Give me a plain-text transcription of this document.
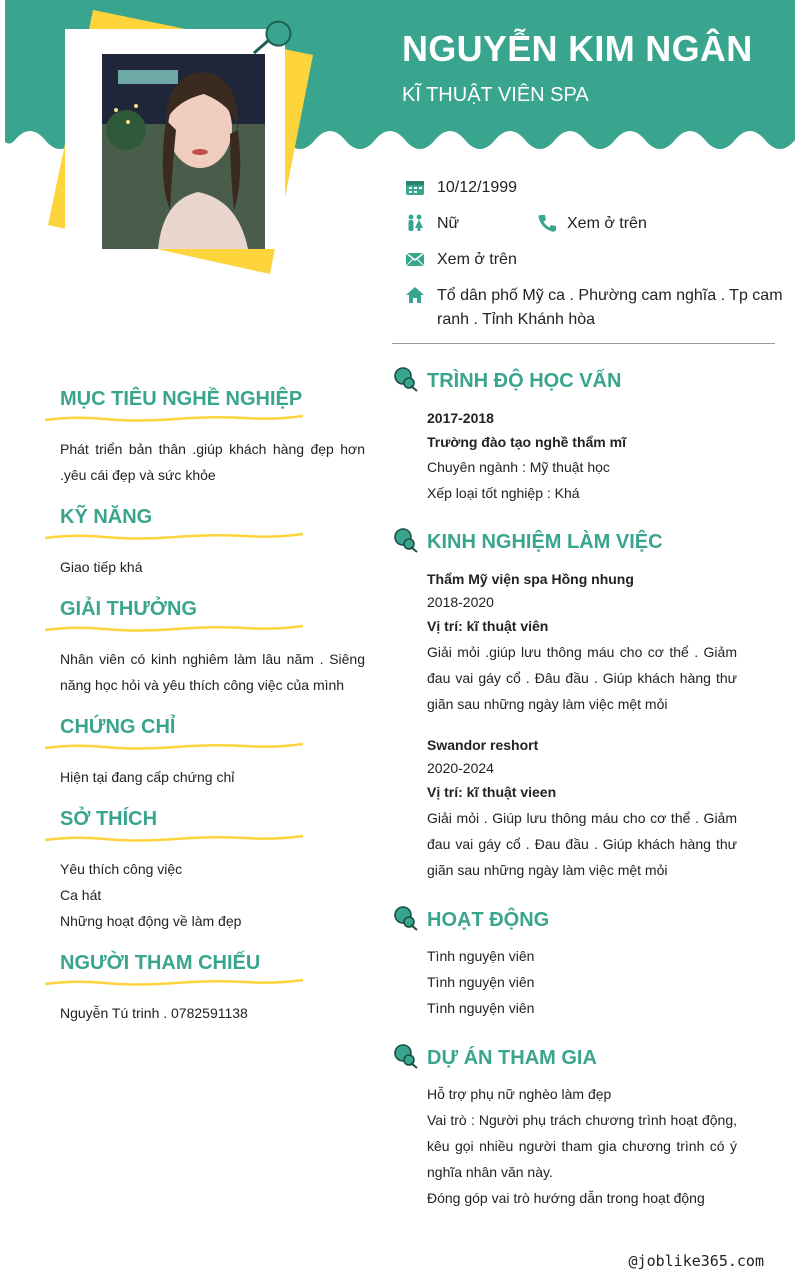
NGUYỄN KIM NGÂN
KĨ THUẬT VIÊN SPA
10/12/1999
Nữ	Xem ở trên
Xem ở trên
Tổ dân phố Mỹ ca . Phường cam nghĩa . Tp cam
ranh . Tỉnh Khánh hòa
MỤC TIÊU NGHỀ NGHIỆP
Phát triển bản thân .giúp khách hàng đẹp hơn .yêu cái đẹp và sức khỏe
KỸ NĂNG
Giao tiếp khá
GIẢI THƯỞNG
Nhân viên có kinh nghiêm làm lâu năm . Siêng năng học hỏi và yêu thích công việc của mình
CHỨNG CHỈ
Hiện tại đang cấp chứng chỉ
SỞ THÍCH
Yêu thích công việc
Ca hát
Những hoạt động về làm đẹp
NGƯỜI THAM CHIẾU
Nguyễn Tú trinh . 0782591138
TRÌNH ĐỘ HỌC VẤN
2017-2018
Trường đào tạo nghề thẩm mĩ
Chuyên ngành : Mỹ thuật học
Xếp loại tốt nghiệp : Khá
KINH NGHIỆM LÀM VIỆC
Thẩm Mỹ viện spa Hồng nhung
2018-2020
Vị trí: kĩ thuật viên
Giải mỏi .giúp lưu thông máu cho cơ thể . Giảm đau vai gáy cổ . Đâu đầu . Giúp khách hàng thư giãn sau những ngày làm việc mệt mỏi
Swandor reshort
2020-2024
Vị trí: kĩ thuật vieen
Giải mỏi . Giúp lưu thông máu cho cơ thể . Giảm đau vai gáy cổ . Đau đầu . Giúp khách hàng thư giãn sau những ngày làm việc mệt mỏi
HOẠT ĐỘNG
Tình nguyện viên
Tình nguyện viên
Tình nguyện viên
DỰ ÁN THAM GIA
Hỗ trợ phụ nữ nghèo làm đẹp
Vai trò : Người phụ trách chương trình hoạt động, kêu gọi nhiều người tham gia chương trình có ý nghĩa nhân văn này.
Đóng góp vai trò hướng dẫn trong hoạt động
@joblike365.com
